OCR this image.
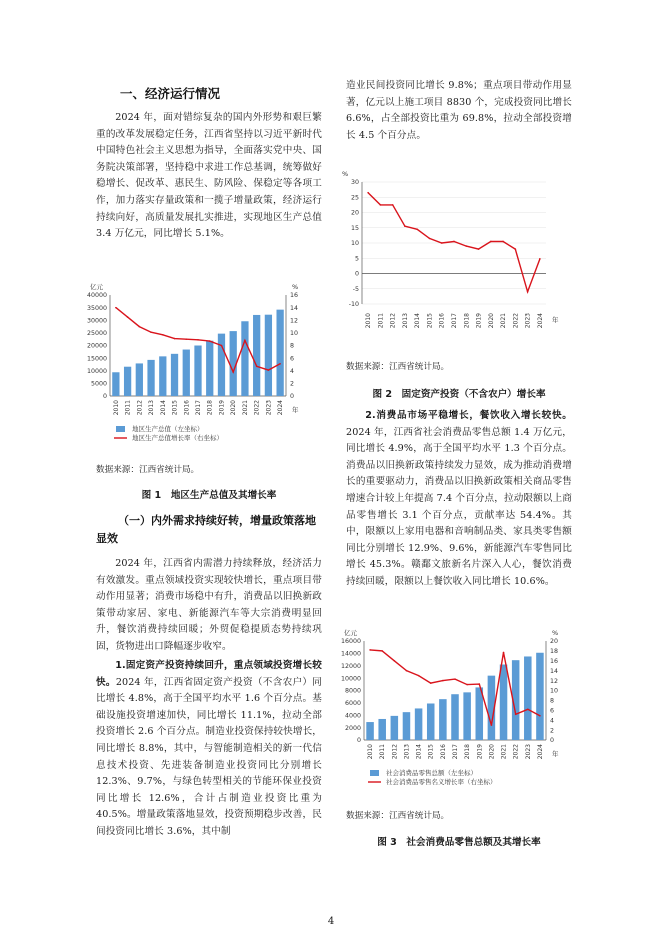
一、经济运行情况
2024 年，面对错综复杂的国内外形势和艰巨繁重的改革发展稳定任务，江西省坚持以习近平新时代中国特色社会主义思想为指导，全面落实党中央、国务院决策部署，坚持稳中求进工作总基调，统筹做好稳增长、促改革、惠民生、防风险、保稳定等各项工作，加力落实存量政策和一揽子增量政策，经济运行持续向好，高质量发展扎实推进，实现地区生产总值 3.4 万亿元，同比增长 5.1%。
亿元	%
0
5000
10000
15000
20000
25000
30000
35000
40000
0
2
4
6
8
10
12
14
16
2010 2011 2012 2013 2014 2015 2016 2017 2018 2019 2020 2021 2022 2023 2024 年
地区生产总值（左坐标）
地区生产总值增长率（右坐标）
数据来源：江西省统计局。
图 1　地区生产总值及其增长率
（一）内外需求持续好转，增量政策落地显效
2024 年，江西省内需潜力持续释放，经济活力有效激发。重点领域投资实现较快增长，重点项目带动作用显著；消费市场稳中有升，消费品以旧换新政策带动家居、家电、新能源汽车等大宗消费明显回升，餐饮消费持续回暖；外贸促稳提质态势持续巩固，货物进出口降幅逐步收窄。
1.固定资产投资持续回升，重点领域投资增长较快。2024 年，江西省固定资产投资（不含农户）同比增长 4.8%，高于全国平均水平 1.6 个百分点。基础设施投资增速加快，同比增长 11.1%，拉动全部投资增长 2.6 个百分点。制造业投资保持较快增长，同比增长 8.8%，其中，与智能制造相关的新一代信息技术投资、先进装备制造业投资同比分别增长 12.3%、9.7%，与绿色转型相关的节能环保业投资同比增长 12.6%，合计占制造业投资比重为 40.5%。增量政策落地显效，投资预期稳步改善，民间投资同比增长 3.6%，其中制
造业民间投资同比增长 9.8%；重点项目带动作用显著，亿元以上施工项目 8830 个，完成投资同比增长 6.6%，占全部投资比重为 69.8%，拉动全部投资增长 4.5 个百分点。
%
-10
-5
0
5
10
15
20
25
30
2010 2011 2012 2013 2014 2015 2016 2017 2018 2019 2020 2021 2022 2023 2024 年
数据来源：江西省统计局。
图 2　固定资产投资（不含农户）增长率
2.消费品市场平稳增长，餐饮收入增长较快。2024 年，江西省社会消费品零售总额 1.4 万亿元，同比增长 4.9%，高于全国平均水平 1.3 个百分点。消费品以旧换新政策持续发力显效，成为推动消费增长的重要驱动力，消费品以旧换新政策相关商品零售增速合计较上年提高 7.4 个百分点，拉动限额以上商品零售增长 3.1 个百分点，贡献率达 54.4%。其中，限额以上家用电器和音响制品类、家具类零售额同比分别增长 12.9%、9.6%，新能源汽车零售同比增长 45.3%。赣鄱文旅新名片深入人心，餐饮消费持续回暖，限额以上餐饮收入同比增长 10.6%。
亿元	%
0
2000
4000
6000
8000
10000
12000
14000
16000
0
2
4
6
8
10
12
14
16
18
20
2010 2011 2012 2013 2014 2015 2016 2017 2018 2019 2020 2021 2022 2023 2024 年
社会消费品零售总额（左坐标）
社会消费品零售名义增长率（右坐标）
数据来源：江西省统计局。
图 3　社会消费品零售总额及其增长率
4
